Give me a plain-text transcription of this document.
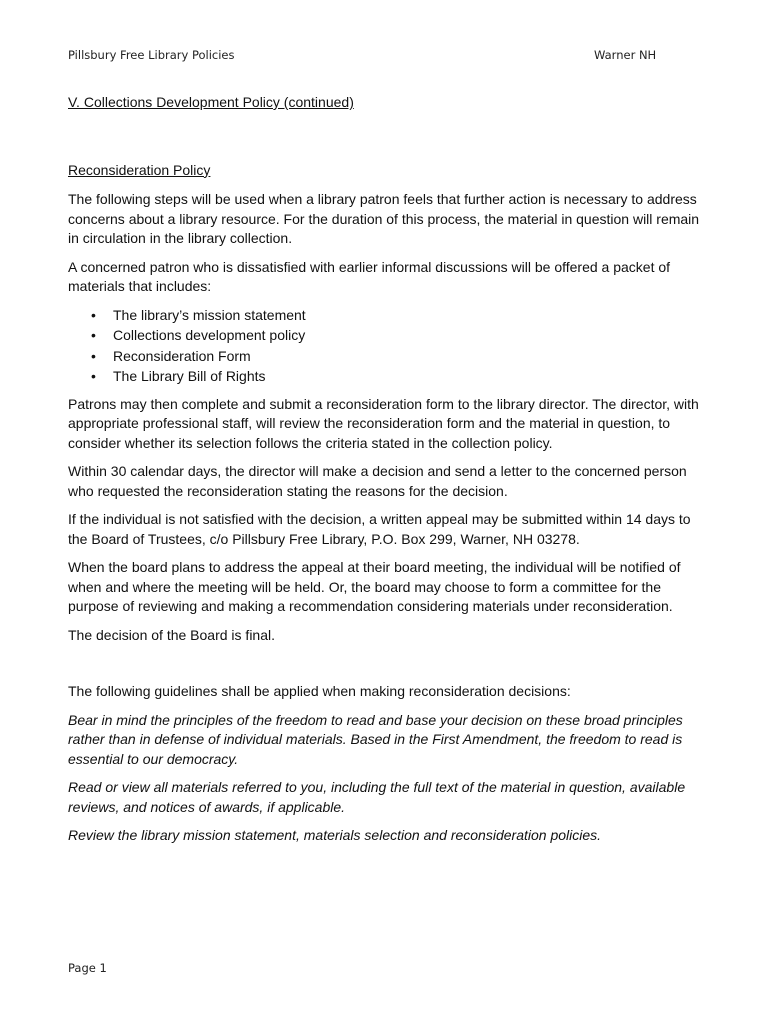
Pillsbury Free Library Policies	Warner NH
V. Collections Development Policy (continued)
Reconsideration Policy

The following steps will be used when a library patron feels that further action is necessary to address concerns about a library resource. For the duration of this process, the material in question will remain in circulation in the library collection.

A concerned patron who is dissatisfied with earlier informal discussions will be offered a packet of materials that includes:

• The library’s mission statement
• Collections development policy
• Reconsideration Form
• The Library Bill of Rights

Patrons may then complete and submit a reconsideration form to the library director. The director, with appropriate professional staff, will review the reconsideration form and the material in question, to consider whether its selection follows the criteria stated in the collection policy.

Within 30 calendar days, the director will make a decision and send a letter to the concerned person who requested the reconsideration stating the reasons for the decision.

If the individual is not satisfied with the decision, a written appeal may be submitted within 14 days to the Board of Trustees, c/o Pillsbury Free Library, P.O. Box 299, Warner, NH 03278.

When the board plans to address the appeal at their board meeting, the individual will be notified of when and where the meeting will be held. Or, the board may choose to form a committee for the purpose of reviewing and making a recommendation considering materials under reconsideration.

The decision of the Board is final.

The following guidelines shall be applied when making reconsideration decisions:

Bear in mind the principles of the freedom to read and base your decision on these broad principles rather than in defense of individual materials. Based in the First Amendment, the freedom to read is essential to our democracy.

Read or view all materials referred to you, including the full text of the material in question, available reviews, and notices of awards, if applicable.

Review the library mission statement, materials selection and reconsideration policies.

Page 1
